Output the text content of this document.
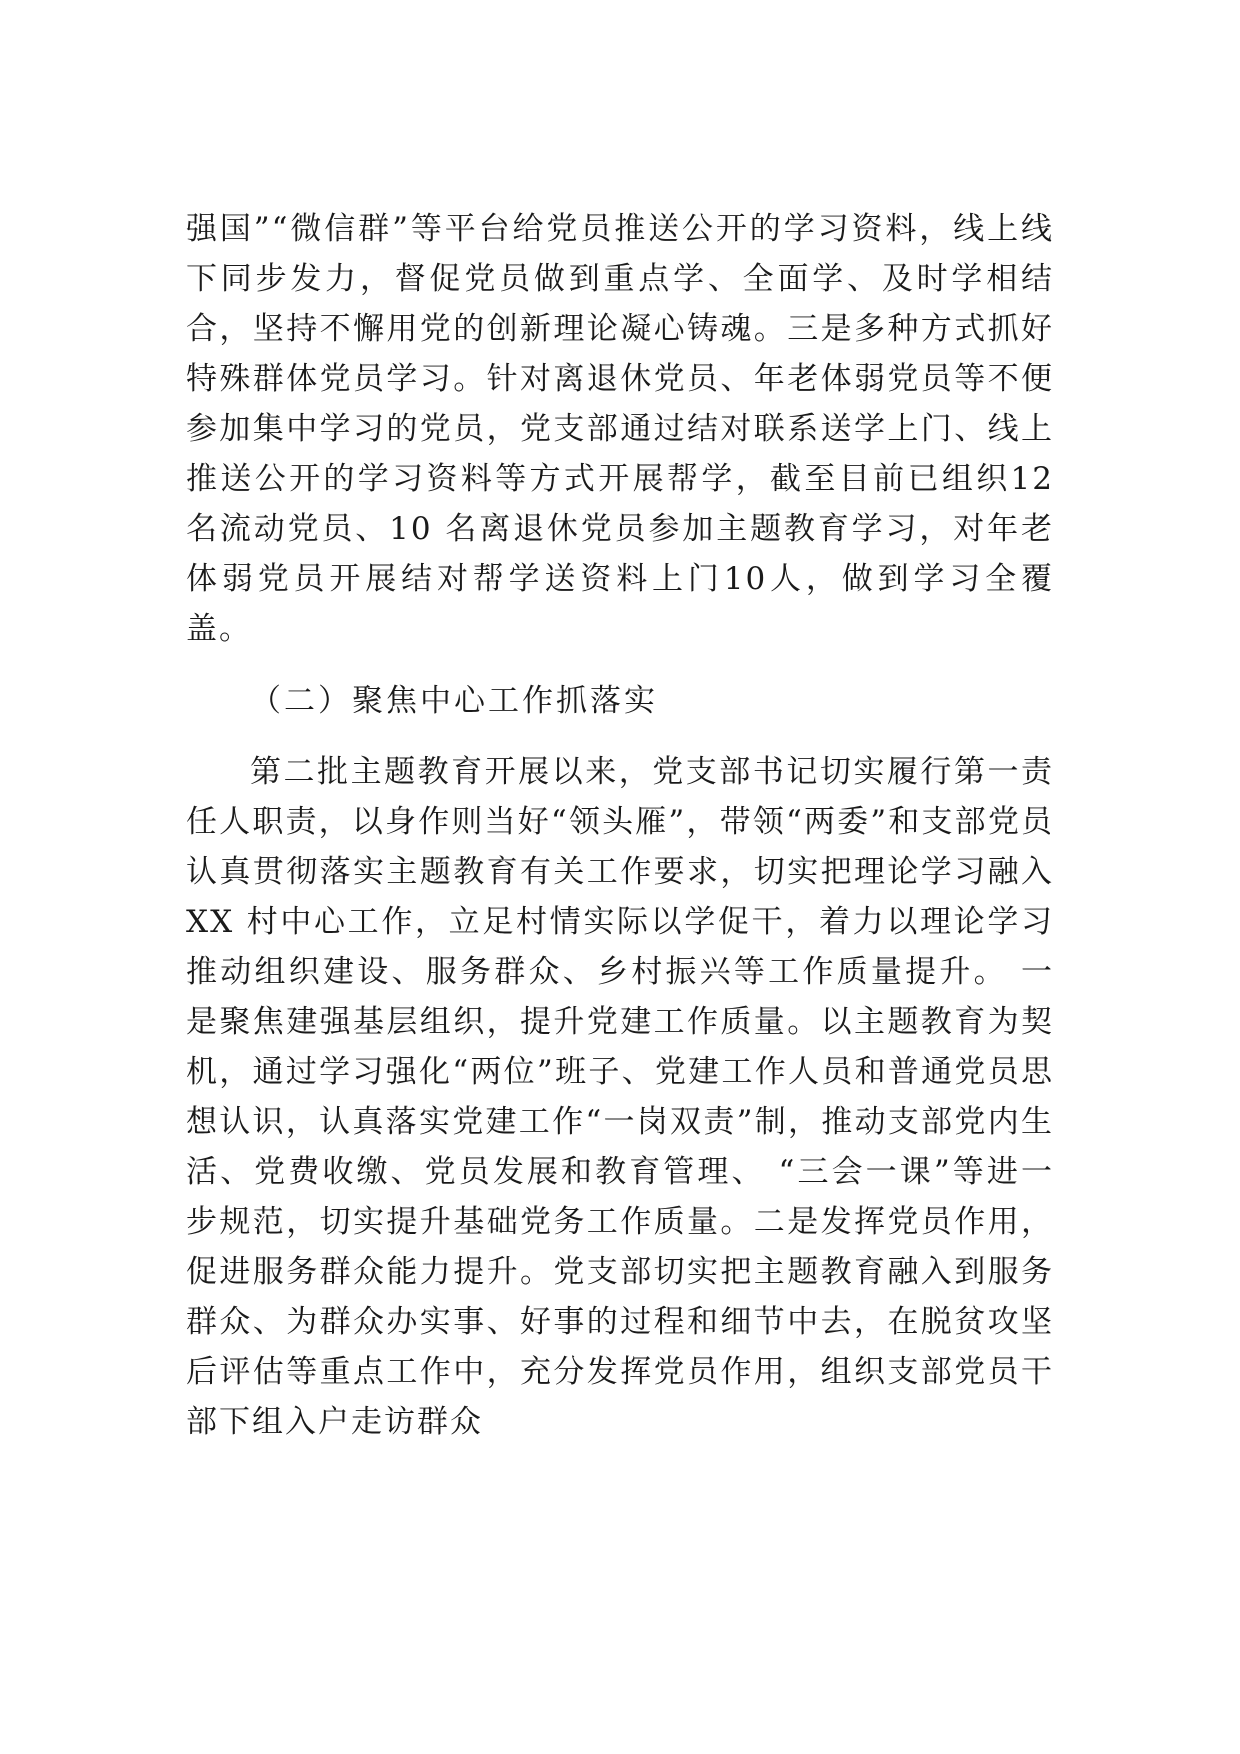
强国”“微信群”等平台给党员推送公开的学习资料，线上线下同步发力，督促党员做到重点学、全面学、及时学相结合，坚持不懈用党的创新理论凝心铸魂。三是多种方式抓好特殊群体党员学习。针对离退休党员、年老体弱党员等不便参加集中学习的党员，党支部通过结对联系送学上门、线上推送公开的学习资料等方式开展帮学，截至目前已组织12 名流动党员、10 名离退休党员参加主题教育学习，对年老体弱党员开展结对帮学送资料上门10人，做到学习全覆盖。

（二）聚焦中心工作抓落实

第二批主题教育开展以来，党支部书记切实履行第一责任人职责，以身作则当好“领头雁”，带领“两委”和支部党员认真贯彻落实主题教育有关工作要求，切实把理论学习融入XX 村中心工作，立足村情实际以学促干，着力以理论学习推动组织建设、服务群众、乡村振兴等工作质量提升。 一是聚焦建强基层组织，提升党建工作质量。以主题教育为契机，通过学习强化“两位”班子、党建工作人员和普通党员思想认识，认真落实党建工作“一岗双责”制，推动支部党内生活、党费收缴、党员发展和教育管理、 “三会一课”等进一步规范，切实提升基础党务工作质量。二是发挥党员作用，促进服务群众能力提升。党支部切实把主题教育融入到服务群众、为群众办实事、好事的过程和细节中去，在脱贫攻坚后评估等重点工作中，充分发挥党员作用，组织支部党员干部下组入户走访群众
